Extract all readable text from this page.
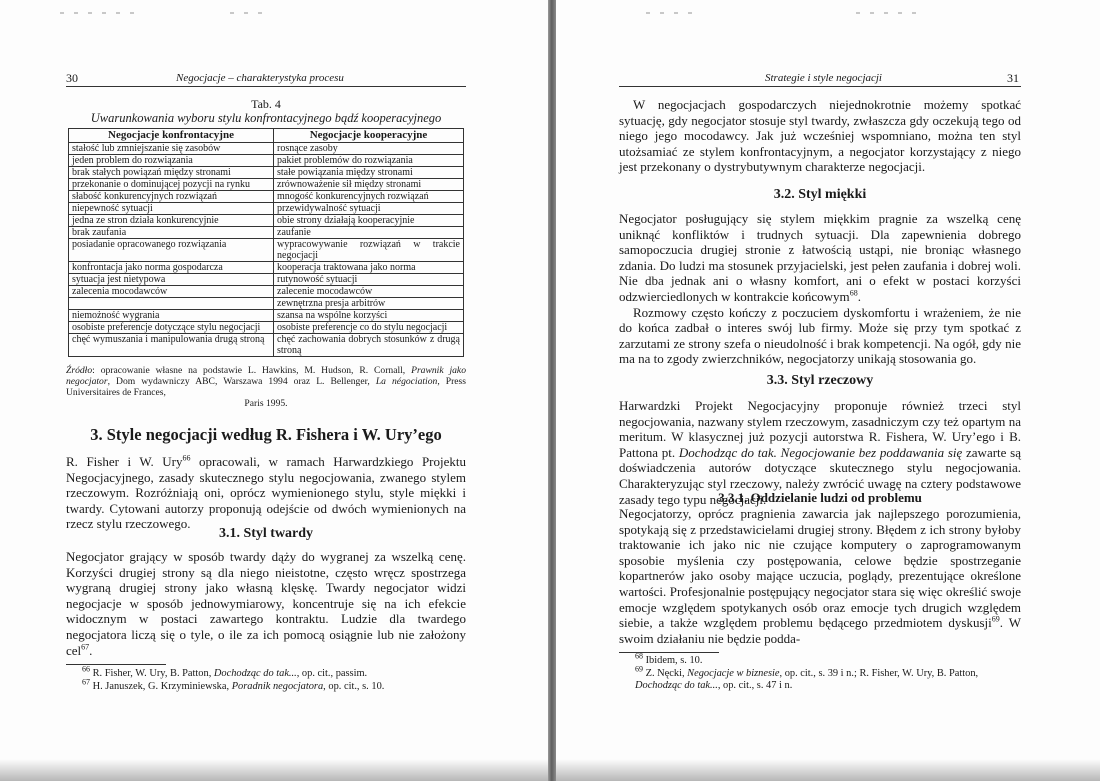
30	Negocjacje – charakterystyka procesu
Tab. 4
Uwarunkowania wyboru stylu konfrontacyjnego bądź kooperacyjnego
Negocjacje konfrontacyjne	Negocjacje kooperacyjne
stałość lub zmniejszanie się zasobów	rosnące zasoby
jeden problem do rozwiązania	pakiet problemów do rozwiązania
brak stałych powiązań między stronami	stałe powiązania między stronami
przekonanie o dominującej pozycji na rynku	zrównoważenie sił między stronami
słabość konkurencyjnych rozwiązań	mnogość konkurencyjnych rozwiązań
niepewność sytuacji	przewidywalność sytuacji
jedna ze stron działa konkurencyjnie	obie strony działają kooperacyjnie
brak zaufania	zaufanie
posiadanie opracowanego rozwiązania	wypracowywanie rozwiązań w trakcie negocjacji
konfrontacja jako norma gospodarcza	kooperacja traktowana jako norma
sytuacja jest nietypowa	rutynowość sytuacji
zalecenia mocodawców	zalecenie mocodawców
	zewnętrzna presja arbitrów
niemożność wygrania	szansa na wspólne korzyści
osobiste preferencje dotyczące stylu negocjacji	osobiste preferencje co do stylu negocjacji
chęć wymuszania i manipulowania drugą stroną	chęć zachowania dobrych stosunków z drugą stroną
Źródło: opracowanie własne na podstawie L. Hawkins, M. Hudson, R. Cornall, Prawnik jako negocjator, Dom wydawniczy ABC, Warszawa 1994 oraz L. Bellenger, La négociation, Press Universitaires de Frances,
Paris 1995.
3. Style negocjacji według R. Fishera i W. Ury’ego

R. Fisher i W. Ury$^{66}$ opracowali, w ramach Harwardzkiego Projektu Negocjacyjnego, zasady skutecznego stylu negocjowania, zwanego stylem rzeczowym. Rozróżniają oni, oprócz wymienionego stylu, style miękki i twardy. Cytowani autorzy proponują odejście od dwóch wymienionych na rzecz stylu rzeczowego.

3.1. Styl twardy

Negocjator grający w sposób twardy dąży do wygranej za wszelką cenę. Korzyści drugiej strony są dla niego nieistotne, często wręcz spostrzega wygraną drugiej strony jako własną klęskę. Twardy negocjator widzi negocjacje w sposób jednowymiarowy, koncentruje się na ich efekcie widocznym w postaci zawartego kontraktu. Ludzie dla twardego negocjatora liczą się o tyle, o ile za ich pomocą osiągnie lub nie założony cel$^{67}$.

$^{66}$ R. Fisher, W. Ury, B. Patton, Dochodząc do tak..., op. cit., passim.

$^{67}$ H. Januszek, G. Krzyminiewska, Poradnik negocjatora, op. cit., s. 10.

Strategie i style negocjacji	31

W negocjacjach gospodarczych niejednokrotnie możemy spotkać sytuację, gdy negocjator stosuje styl twardy, zwłaszcza gdy oczekują tego od niego jego mocodawcy. Jak już wcześniej wspomniano, można ten styl utożsamiać ze stylem konfrontacyjnym, a negocjator korzystający z niego jest przekonany o dystrybutywnym charakterze negocjacji.

3.2. Styl miękki

Negocjator posługujący się stylem miękkim pragnie za wszelką cenę uniknąć konfliktów i trudnych sytuacji. Dla zapewnienia dobrego samopoczucia drugiej stronie z łatwością ustąpi, nie broniąc własnego zdania. Do ludzi ma stosunek przyjacielski, jest pełen zaufania i dobrej woli. Nie dba jednak ani o własny komfort, ani o efekt w postaci korzyści odzwierciedlonych w kontrakcie końcowym$^{68}$.

Rozmowy często kończy z poczuciem dyskomfortu i wrażeniem, że nie do końca zadbał o interes swój lub firmy. Może się przy tym spotkać z zarzutami ze strony szefa o nieudolność i brak kompetencji. Na ogół, gdy nie ma na to zgody zwierzchników, negocjatorzy unikają stosowania go.

3.3. Styl rzeczowy

Harwardzki Projekt Negocjacyjny proponuje również trzeci styl negocjowania, nazwany stylem rzeczowym, zasadniczym czy też opartym na meritum. W klasycznej już pozycji autorstwa R. Fishera, W. Ury’ego i B. Pattona pt. Dochodząc do tak. Negocjowanie bez poddawania się zawarte są doświadczenia autorów dotyczące skutecznego stylu negocjowania. Charakteryzując styl rzeczowy, należy zwrócić uwagę na cztery podstawowe zasady tego typu negocjacji.

3.3.1. Oddzielanie ludzi od problemu

Negocjatorzy, oprócz pragnienia zawarcia jak najlepszego porozumienia, spotykają się z przedstawicielami drugiej strony. Błędem z ich strony byłoby traktowanie ich jako nic nie czujące komputery o zaprogramowanym sposobie myślenia czy postępowania, celowe będzie spostrzeganie kopartnerów jako osoby mające uczucia, poglądy, prezentujące określone wartości. Profesjonalnie postępujący negocjator stara się więc określić swoje emocje względem spotykanych osób oraz emocje tych drugich względem siebie, a także względem problemu będącego przedmiotem dyskusji$^{69}$. W swoim działaniu nie będzie podda-

$^{68}$ Ibidem, s. 10.

$^{69}$ Z. Nęcki, Negocjacje w biznesie, op. cit., s. 39 i n.; R. Fisher, W. Ury, B. Patton, Dochodząc do tak..., op. cit., s. 47 i n.
